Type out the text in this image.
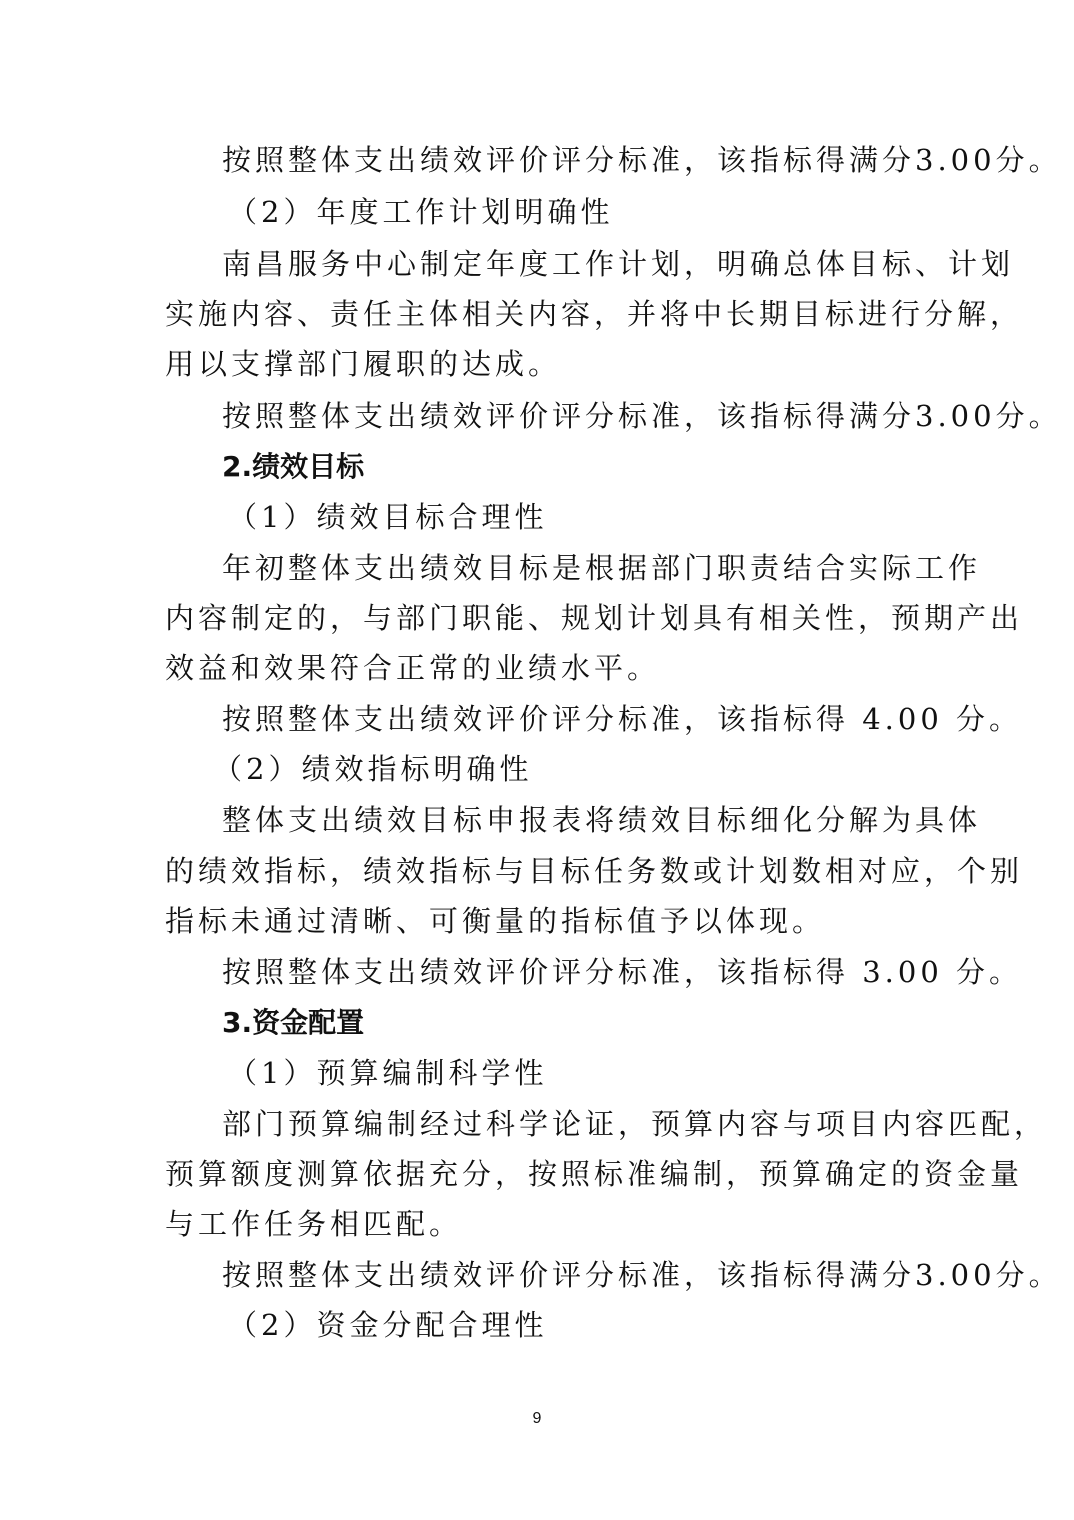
按照整体支出绩效评价评分标准，该指标得满分3.00分。
（2）年度工作计划明确性
南昌服务中心制定年度工作计划，明确总体目标、计划
实施内容、责任主体相关内容，并将中长期目标进行分解，
用以支撑部门履职的达成。
按照整体支出绩效评价评分标准，该指标得满分3.00分。
2.绩效目标
（1）绩效目标合理性
年初整体支出绩效目标是根据部门职责结合实际工作
内容制定的，与部门职能、规划计划具有相关性，预期产出
效益和效果符合正常的业绩水平。
按照整体支出绩效评价评分标准，该指标得 4.00 分。
（2）绩效指标明确性
整体支出绩效目标申报表将绩效目标细化分解为具体
的绩效指标，绩效指标与目标任务数或计划数相对应，个别
指标未通过清晰、可衡量的指标值予以体现。
按照整体支出绩效评价评分标准，该指标得 3.00 分。
3.资金配置
（1）预算编制科学性
部门预算编制经过科学论证，预算内容与项目内容匹配，
预算额度测算依据充分，按照标准编制，预算确定的资金量
与工作任务相匹配。
按照整体支出绩效评价评分标准，该指标得满分3.00分。
（2）资金分配合理性
9
